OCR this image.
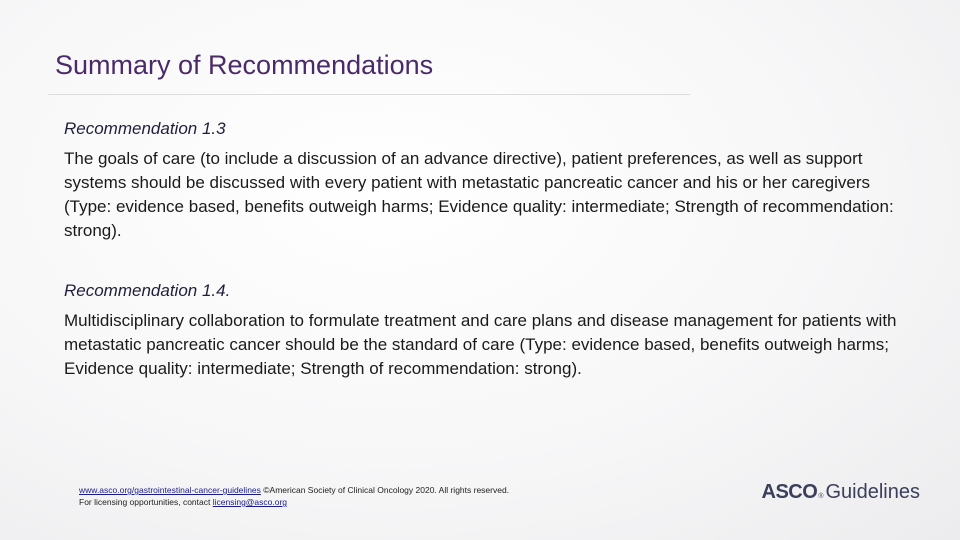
Summary of Recommendations

Recommendation 1.3

The goals of care (to include a discussion of an advance directive), patient preferences, as well as support systems should be discussed with every patient with metastatic pancreatic cancer and his or her caregivers (Type: evidence based, benefits outweigh harms; Evidence quality: intermediate; Strength of recommendation: strong).

Recommendation 1.4.

Multidisciplinary collaboration to formulate treatment and care plans and disease management for patients with metastatic pancreatic cancer should be the standard of care (Type: evidence based, benefits outweigh harms; Evidence quality: intermediate; Strength of recommendation: strong).

www.asco.org/gastrointestinal-cancer-guidelines ©American Society of Clinical Oncology 2020. All rights reserved.
For licensing opportunities, contact licensing@asco.org	ASCO ® Guidelines
